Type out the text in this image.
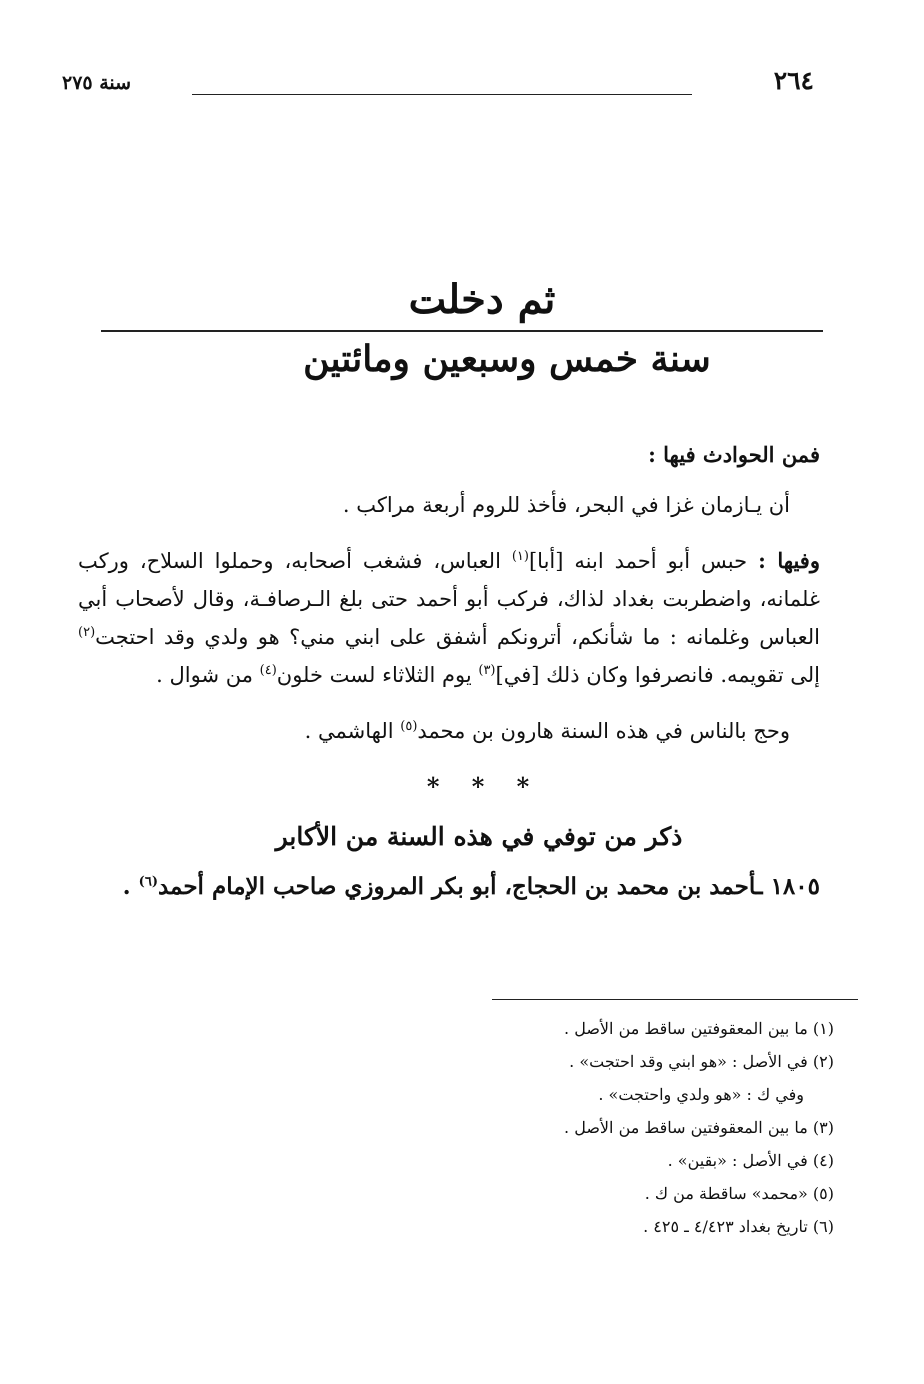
٢٦٤
سنة ٢٧٥
ثم دخلت
سنة خمس وسبعين ومائتين

فمن الحوادث فيها :

أن يـازمان غزا في البحر، فأخذ للروم أربعة مراكب .

وفيها : حبس أبو أحمد ابنه [أبا]$^{(١)}$ العباس، فشغب أصحابه، وحملوا السلاح، وركب غلمانه، واضطربت بغداد لذاك، فركب أبو أحمد حتى بلغ الـرصافـة، وقال لأصحاب أبي العباس وغلمانه : ما شأنكم، أترونكم أشفق على ابني مني؟ هو ولدي وقد احتجت$^{(٢)}$ إلى تقويمه. فانصرفوا وكان ذلك [في]$^{(٣)}$ يوم الثلاثاء لست خلون$^{(٤)}$ من شوال .

وحج بالناس في هذه السنة هارون بن محمد$^{(٥)}$ الهاشمي .

* * *

ذكر من توفي في هذه السنة من الأكابر

١٨٠٥ ـأحمد بن محمد بن الحجاج، أبو بكر المروزي صاحب الإمام أحمد$^{(٦)}$ .

(١) ما بين المعقوفتين ساقط من الأصل .
(٢) في الأصل : «هو ابني وقد احتجت» .
وفي ك : «هو ولدي واحتجت» .
(٣) ما بين المعقوفتين ساقط من الأصل .
(٤) في الأصل : «بقين» .
(٥) «محمد» ساقطة من ك .
(٦) تاريخ بغداد ٤/٤٢٣ ـ ٤٢٥ .
